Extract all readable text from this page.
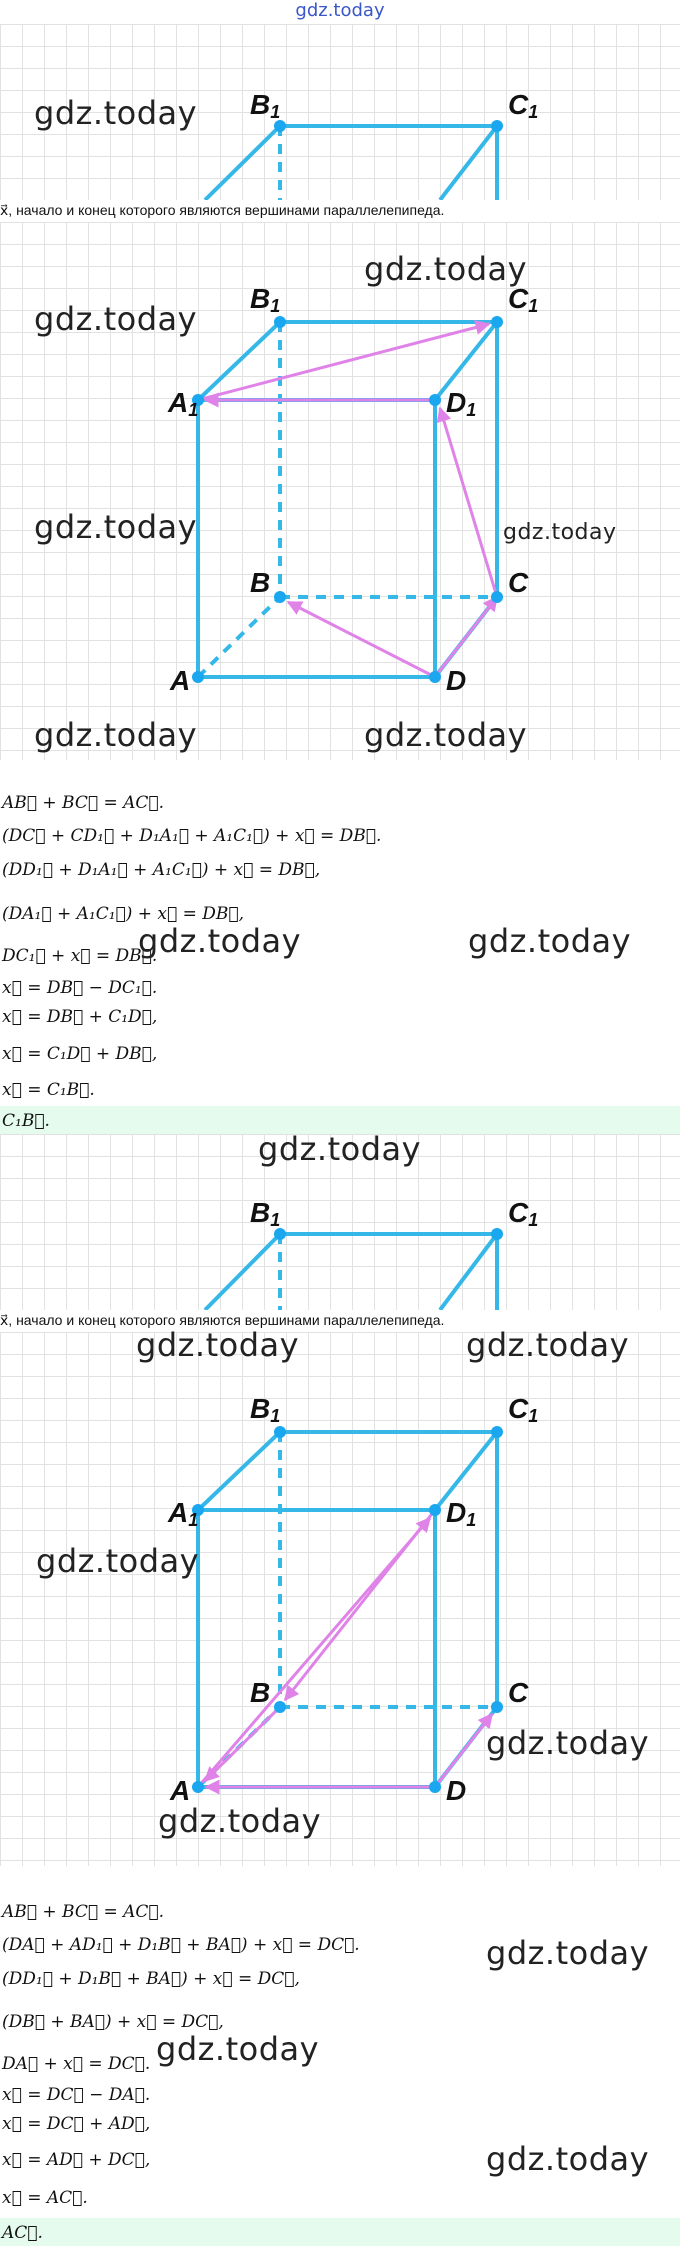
gdz.today
B1	C1
gdz.today
x⃗, начало и конец которого являются вершинами параллелепипеда.
B1	C1
A1	D1
B	C
A	D
gdz.today
gdz.today
gdz.today	gdz.today
gdz.today	gdz.today
AB⃗ + BC⃗ = AC⃗.
(DC⃗ + CD₁⃗ + D₁A₁⃗ + A₁C₁⃗) + x⃗ = DB⃗.
(DD₁⃗ + D₁A₁⃗ + A₁C₁⃗) + x⃗ = DB⃗,
(DA₁⃗ + A₁C₁⃗) + x⃗ = DB⃗,
DC₁⃗ + x⃗ = DB⃗.
x⃗ = DB⃗ − DC₁⃗.
x⃗ = DB⃗ + C₁D⃗,
x⃗ = C₁D⃗ + DB⃗,
x⃗ = C₁B⃗.
gdz.today	gdz.today
C₁B⃗.
B1	C1
gdz.today
x⃗, начало и конец которого являются вершинами параллелепипеда.
B1	C1
A1	D1
B	C
A	D
gdz.today	gdz.today
gdz.today
gdz.today
gdz.today
AB⃗ + BC⃗ = AC⃗.
(DA⃗ + AD₁⃗ + D₁B⃗ + BA⃗) + x⃗ = DC⃗.
(DD₁⃗ + D₁B⃗ + BA⃗) + x⃗ = DC⃗,
(DB⃗ + BA⃗) + x⃗ = DC⃗,
DA⃗ + x⃗ = DC⃗.
x⃗ = DC⃗ − DA⃗.
x⃗ = DC⃗ + AD⃗,
x⃗ = AD⃗ + DC⃗,
x⃗ = AC⃗.
gdz.today
gdz.today
gdz.today
AC⃗.
